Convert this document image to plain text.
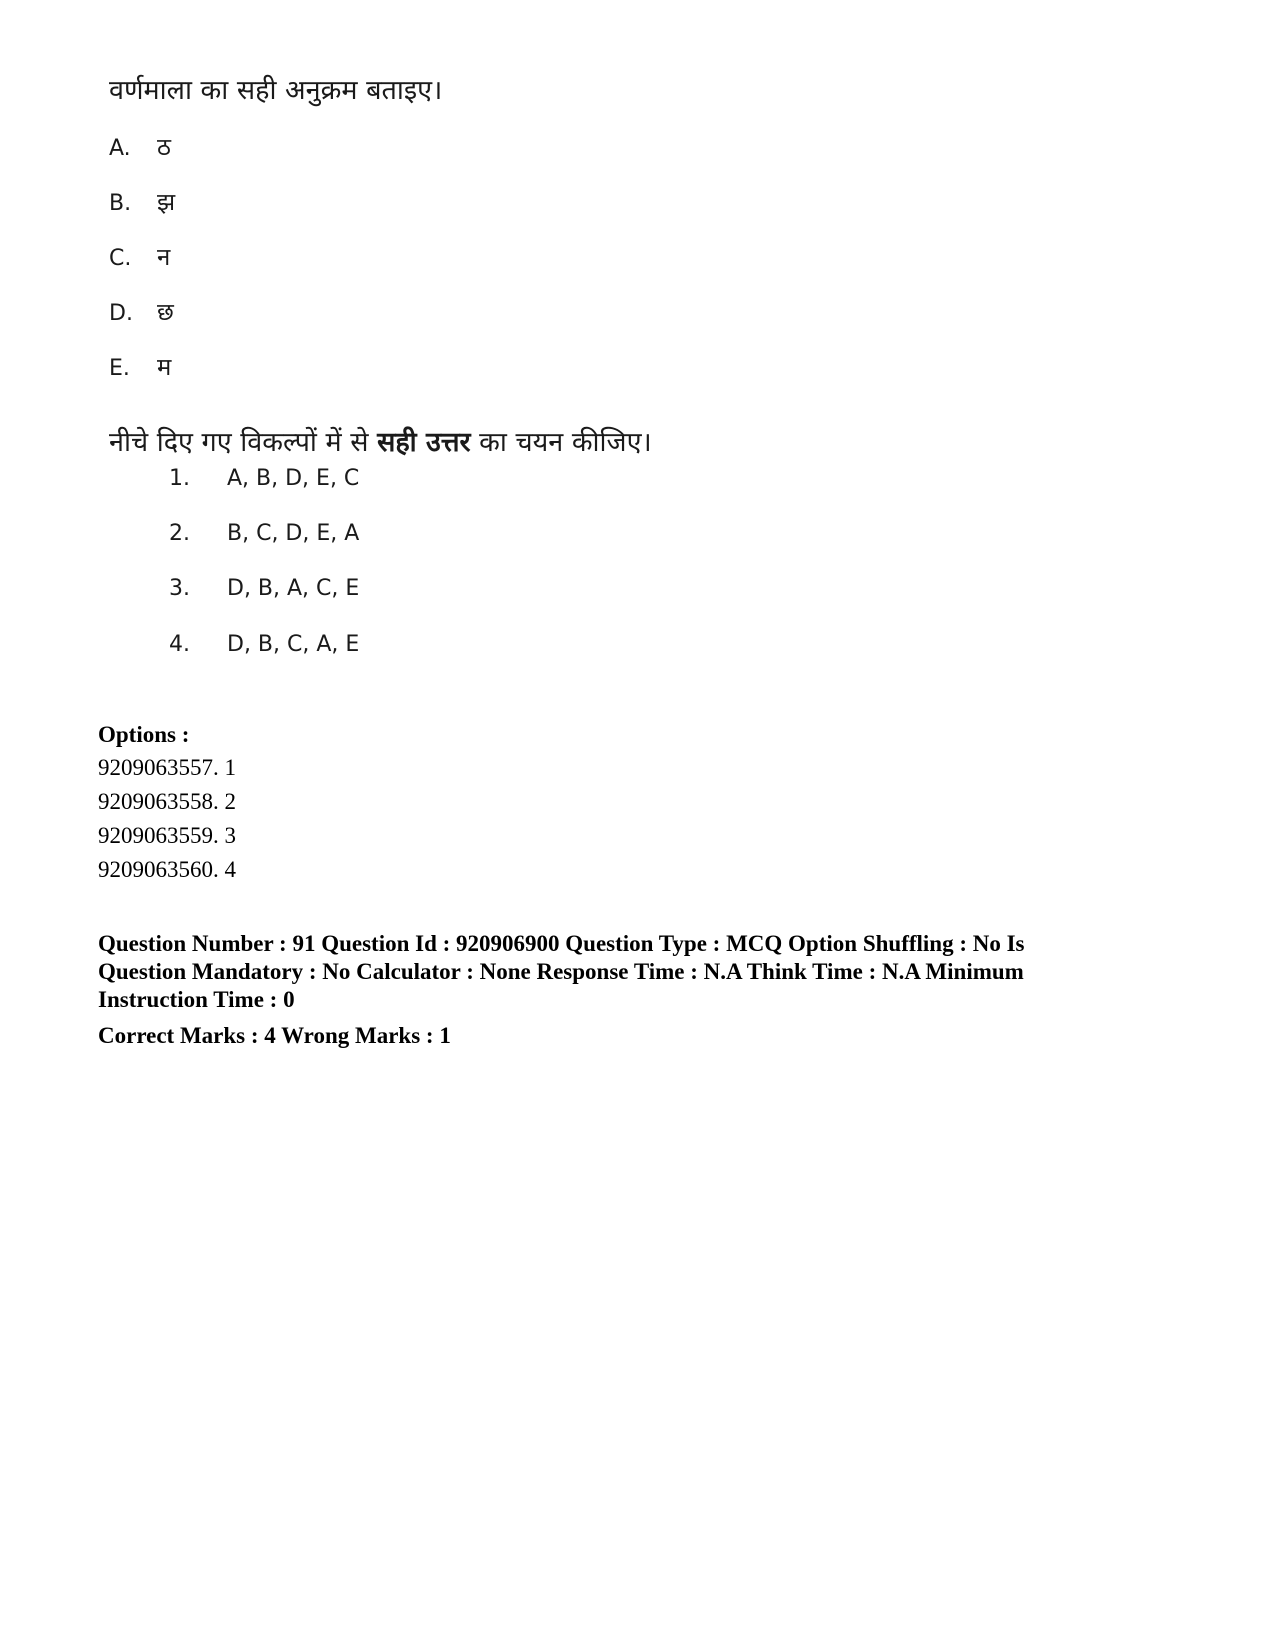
वर्णमाला का सही अनुक्रम बताइए।
A. ठ
B. झ
C. न
D. छ
E. म
नीचे दिए गए विकल्पों में से सही उत्तर का चयन कीजिए।
1. A, B, D, E, C
2. B, C, D, E, A
3. D, B, A, C, E
4. D, B, C, A, E
Options :
9209063557. 1
9209063558. 2
9209063559. 3
9209063560. 4
Question Number : 91 Question Id : 920906900 Question Type : MCQ Option Shuffling : No Is Question Mandatory : No Calculator : None Response Time : N.A Think Time : N.A Minimum Instruction Time : 0
Correct Marks : 4 Wrong Marks : 1
